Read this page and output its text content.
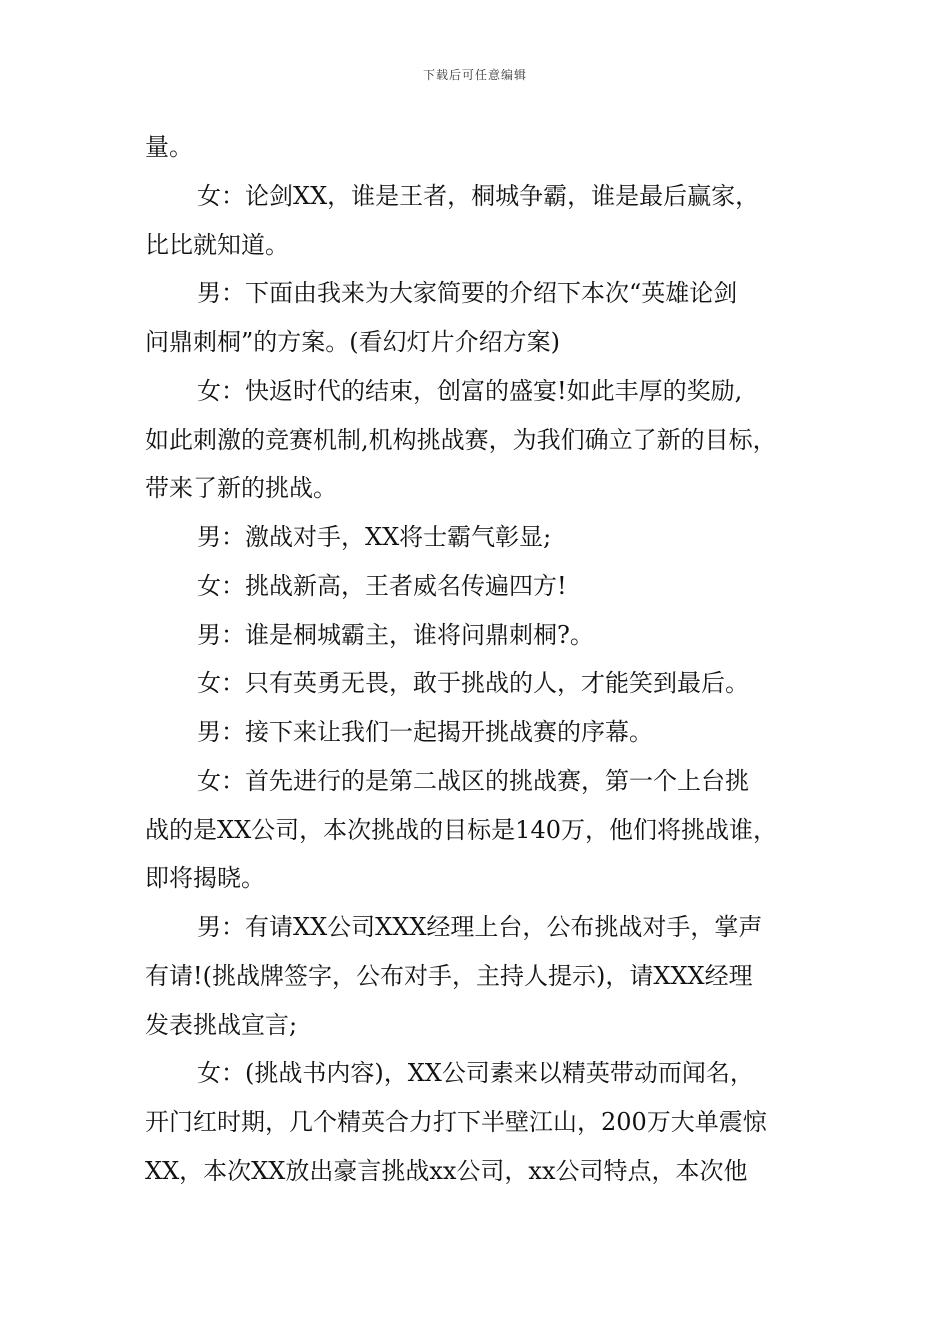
下载后可任意编辑
量。
女：论剑XX，谁是王者，桐城争霸，谁是最后赢家，
比比就知道。
男：下面由我来为大家简要的介绍下本次“英雄论剑
问鼎刺桐”的方案。(看幻灯片介绍方案)
女：快返时代的结束，创富的盛宴!如此丰厚的奖励,
如此刺激的竞赛机制,机构挑战赛，为我们确立了新的目标，
带来了新的挑战。
男：激战对手，XX将士霸气彰显;
女：挑战新高，王者威名传遍四方!
男：谁是桐城霸主，谁将问鼎刺桐?。
女：只有英勇无畏，敢于挑战的人，才能笑到最后。
男：接下来让我们一起揭开挑战赛的序幕。
女：首先进行的是第二战区的挑战赛，第一个上台挑
战的是XX公司，本次挑战的目标是140万，他们将挑战谁，
即将揭晓。
男：有请XX公司XXX经理上台，公布挑战对手，掌声
有请!(挑战牌签字，公布对手，主持人提示)，请XXX经理
发表挑战宣言;
女：(挑战书内容)，XX公司素来以精英带动而闻名，
开门红时期，几个精英合力打下半壁江山，200万大单震惊
XX，本次XX放出豪言挑战xx公司，xx公司特点，本次他
